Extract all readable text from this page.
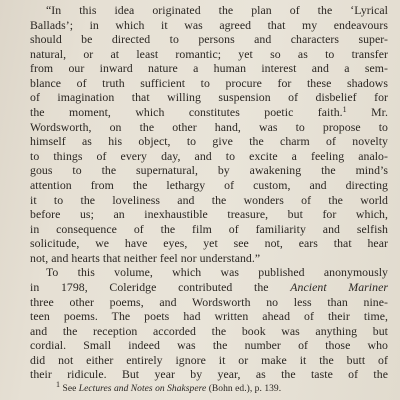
“In this idea originated the plan of the ‘Lyrical
Ballads’; in which it was agreed that my endeavours
should be directed to persons and characters super-
natural, or at least romantic; yet so as to transfer
from our inward nature a human interest and a sem-
blance of truth sufficient to procure for these shadows
of imagination that willing suspension of disbelief for
the moment, which constitutes poetic faith.$^1$ Mr.
Wordsworth, on the other hand, was to propose to
himself as his object, to give the charm of novelty
to things of every day, and to excite a feeling analo-
gous to the supernatural, by awakening the mind’s
attention from the lethargy of custom, and directing
it to the loveliness and the wonders of the world
before us; an inexhaustible treasure, but for which,
in consequence of the film of familiarity and selfish
solicitude, we have eyes, yet see not, ears that hear
not, and hearts that neither feel nor understand.”
To this volume, which was published anonymously
in 1798, Coleridge contributed the Ancient Mariner
three other poems, and Wordsworth no less than nine-
teen poems. The poets had written ahead of their time,
and the reception accorded the book was anything but
cordial. Small indeed was the number of those who
did not either entirely ignore it or make it the butt of
their ridicule. But year by year, as the taste of the
$^1$ See Lectures and Notes on Shakspere (Bohn ed.), p. 139.
